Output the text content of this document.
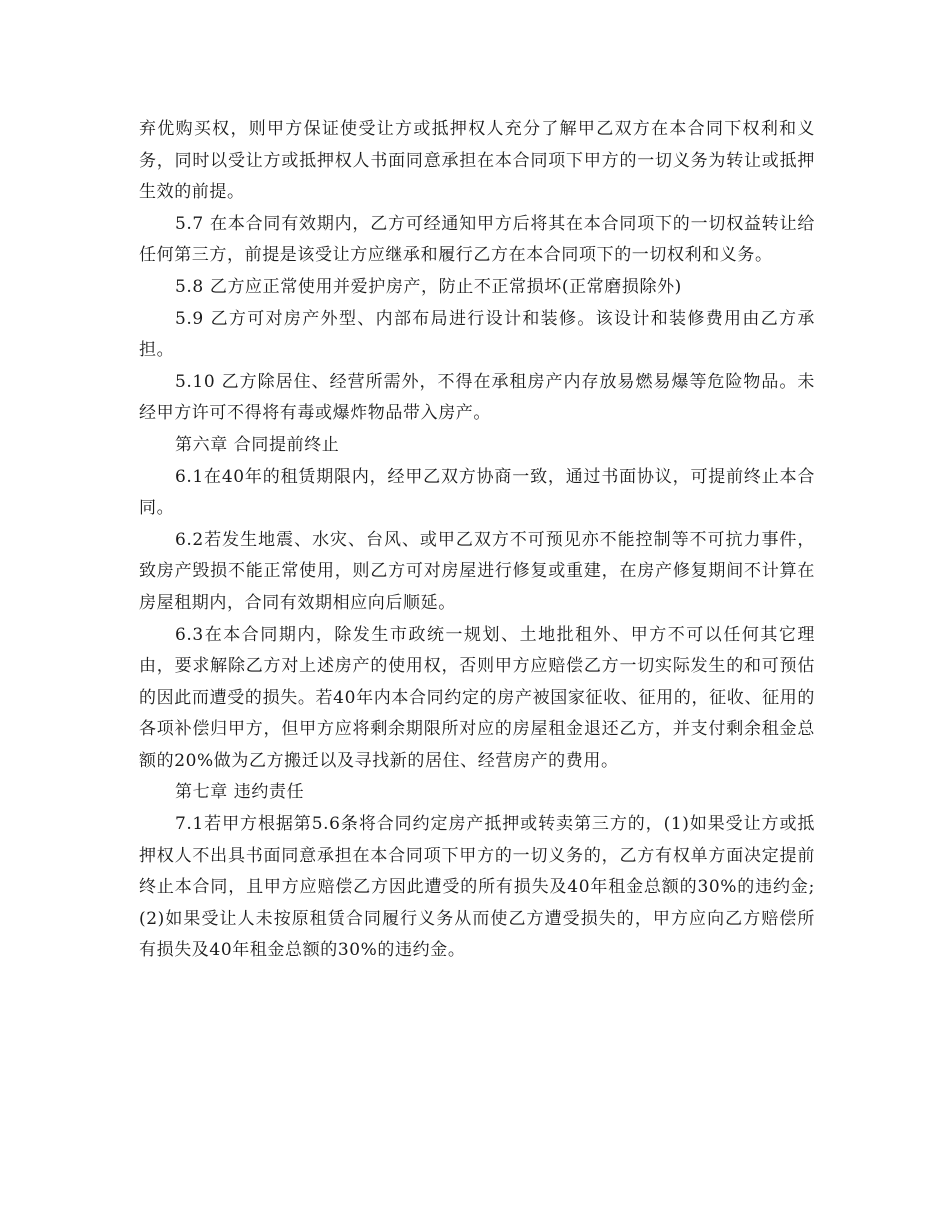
弃优购买权，则甲方保证使受让方或抵押权人充分了解甲乙双方在本合同下权利和义务，同时以受让方或抵押权人书面同意承担在本合同项下甲方的一切义务为转让或抵押生效的前提。

5.7 在本合同有效期内，乙方可经通知甲方后将其在本合同项下的一切权益转让给任何第三方，前提是该受让方应继承和履行乙方在本合同项下的一切权利和义务。

5.8 乙方应正常使用并爱护房产，防止不正常损坏(正常磨损除外)

5.9 乙方可对房产外型、内部布局进行设计和装修。该设计和装修费用由乙方承担。

5.10 乙方除居住、经营所需外，不得在承租房产内存放易燃易爆等危险物品。未经甲方许可不得将有毒或爆炸物品带入房产。

第六章 合同提前终止

6.1在40年的租赁期限内，经甲乙双方协商一致，通过书面协议，可提前终止本合同。

6.2若发生地震、水灾、台风、或甲乙双方不可预见亦不能控制等不可抗力事件，致房产毁损不能正常使用，则乙方可对房屋进行修复或重建，在房产修复期间不计算在房屋租期内，合同有效期相应向后顺延。

6.3在本合同期内，除发生市政统一规划、土地批租外、甲方不可以任何其它理由，要求解除乙方对上述房产的使用权，否则甲方应赔偿乙方一切实际发生的和可预估的因此而遭受的损失。若40年内本合同约定的房产被国家征收、征用的，征收、征用的各项补偿归甲方，但甲方应将剩余期限所对应的房屋租金退还乙方，并支付剩余租金总额的20%做为乙方搬迁以及寻找新的居住、经营房产的费用。

第七章 违约责任

7.1若甲方根据第5.6条将合同约定房产抵押或转卖第三方的，(1)如果受让方或抵押权人不出具书面同意承担在本合同项下甲方的一切义务的，乙方有权单方面决定提前终止本合同，且甲方应赔偿乙方因此遭受的所有损失及40年租金总额的30%的违约金;(2)如果受让人未按原租赁合同履行义务从而使乙方遭受损失的，甲方应向乙方赔偿所有损失及40年租金总额的30%的违约金。
